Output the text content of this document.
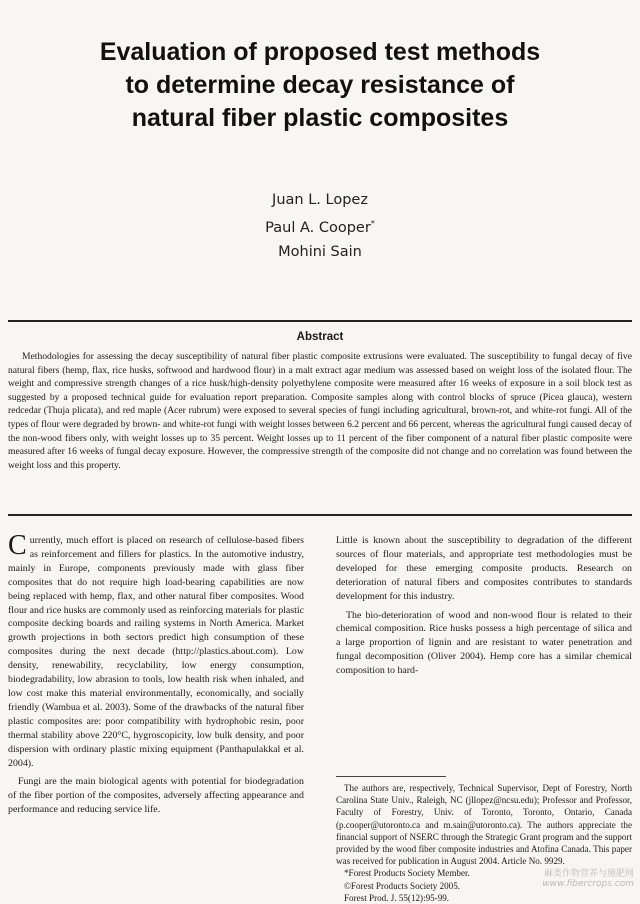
Evaluation of proposed test methods
to determine decay resistance of
natural fiber plastic composites
Juan L. Lopez
Paul A. Cooper*
Mohini Sain
Abstract

Methodologies for assessing the decay susceptibility of natural fiber plastic composite extrusions were evaluated. The susceptibility to fungal decay of five natural fibers (hemp, flax, rice husks, softwood and hardwood flour) in a malt extract agar medium was assessed based on weight loss of the isolated flour. The weight and compressive strength changes of a rice husk/high-density polyethylene composite were measured after 16 weeks of exposure in a soil block test as suggested by a proposed technical guide for evaluation report preparation. Composite samples along with control blocks of spruce (Picea glauca), western redcedar (Thuja plicata), and red maple (Acer rubrum) were exposed to several species of fungi including agricultural, brown-rot, and white-rot fungi. All of the types of flour were degraded by brown- and white-rot fungi with weight losses between 6.2 percent and 66 percent, whereas the agricultural fungi caused decay of the non-wood fibers only, with weight losses up to 35 percent. Weight losses up to 11 percent of the fiber component of a natural fiber plastic composite were measured after 16 weeks of fungal decay exposure. However, the compressive strength of the composite did not change and no correlation was found between the weight loss and this property.

Currently, much effort is placed on research of cellulose-based fibers as reinforcement and fillers for plastics. In the automotive industry, mainly in Europe, components previously made with glass fiber composites that do not require high load-bearing capabilities are now being replaced with hemp, flax, and other natural fiber composites. Wood flour and rice husks are commonly used as reinforcing materials for plastic composite decking boards and railing systems in North America. Market growth projections in both sectors predict high consumption of these composites during the next decade (http://plastics.about.com). Low density, renewability, recyclability, low energy consumption, biodegradability, low abrasion to tools, low health risk when inhaled, and low cost make this material environmentally, economically, and socially friendly (Wambua et al. 2003). Some of the drawbacks of the natural fiber plastic composites are: poor compatibility with hydrophobic resin, poor thermal stability above 220°C, hygroscopicity, low bulk density, and poor dispersion with ordinary plastic mixing equipment (Panthapulakkal et al. 2004).

Fungi are the main biological agents with potential for biodegradation of the fiber portion of the composites, adversely affecting appearance and performance and reducing service life.

Little is known about the susceptibility to degradation of the different sources of flour materials, and appropriate test methodologies must be developed for these emerging composite products. Research on deterioration of natural fibers and composites contributes to standards development for this industry.

The bio-deterioration of wood and non-wood flour is related to their chemical composition. Rice husks possess a high percentage of silica and a large proportion of lignin and are resistant to water penetration and fungal decomposition (Oliver 2004). Hemp core has a similar chemical composition to hard-

The authors are, respectively, Technical Supervisor, Dept of Forestry, North Carolina State Univ., Raleigh, NC (jllopez@ncsu.edu); Professor and Professor, Faculty of Forestry, Univ. of Toronto, Toronto, Ontario, Canada (p.cooper@utoronto.ca and m.sain@utoronto.ca). The authors appreciate the financial support of NSERC through the Strategic Grant program and the support provided by the wood fiber composite industries and Atofina Canada. This paper was received for publication in August 2004. Article No. 9929.

*Forest Products Society Member.
©Forest Products Society 2005.
Forest Prod. J. 55(12):95-99.
麻类作物营养与施肥网
www.fibercrops.com
